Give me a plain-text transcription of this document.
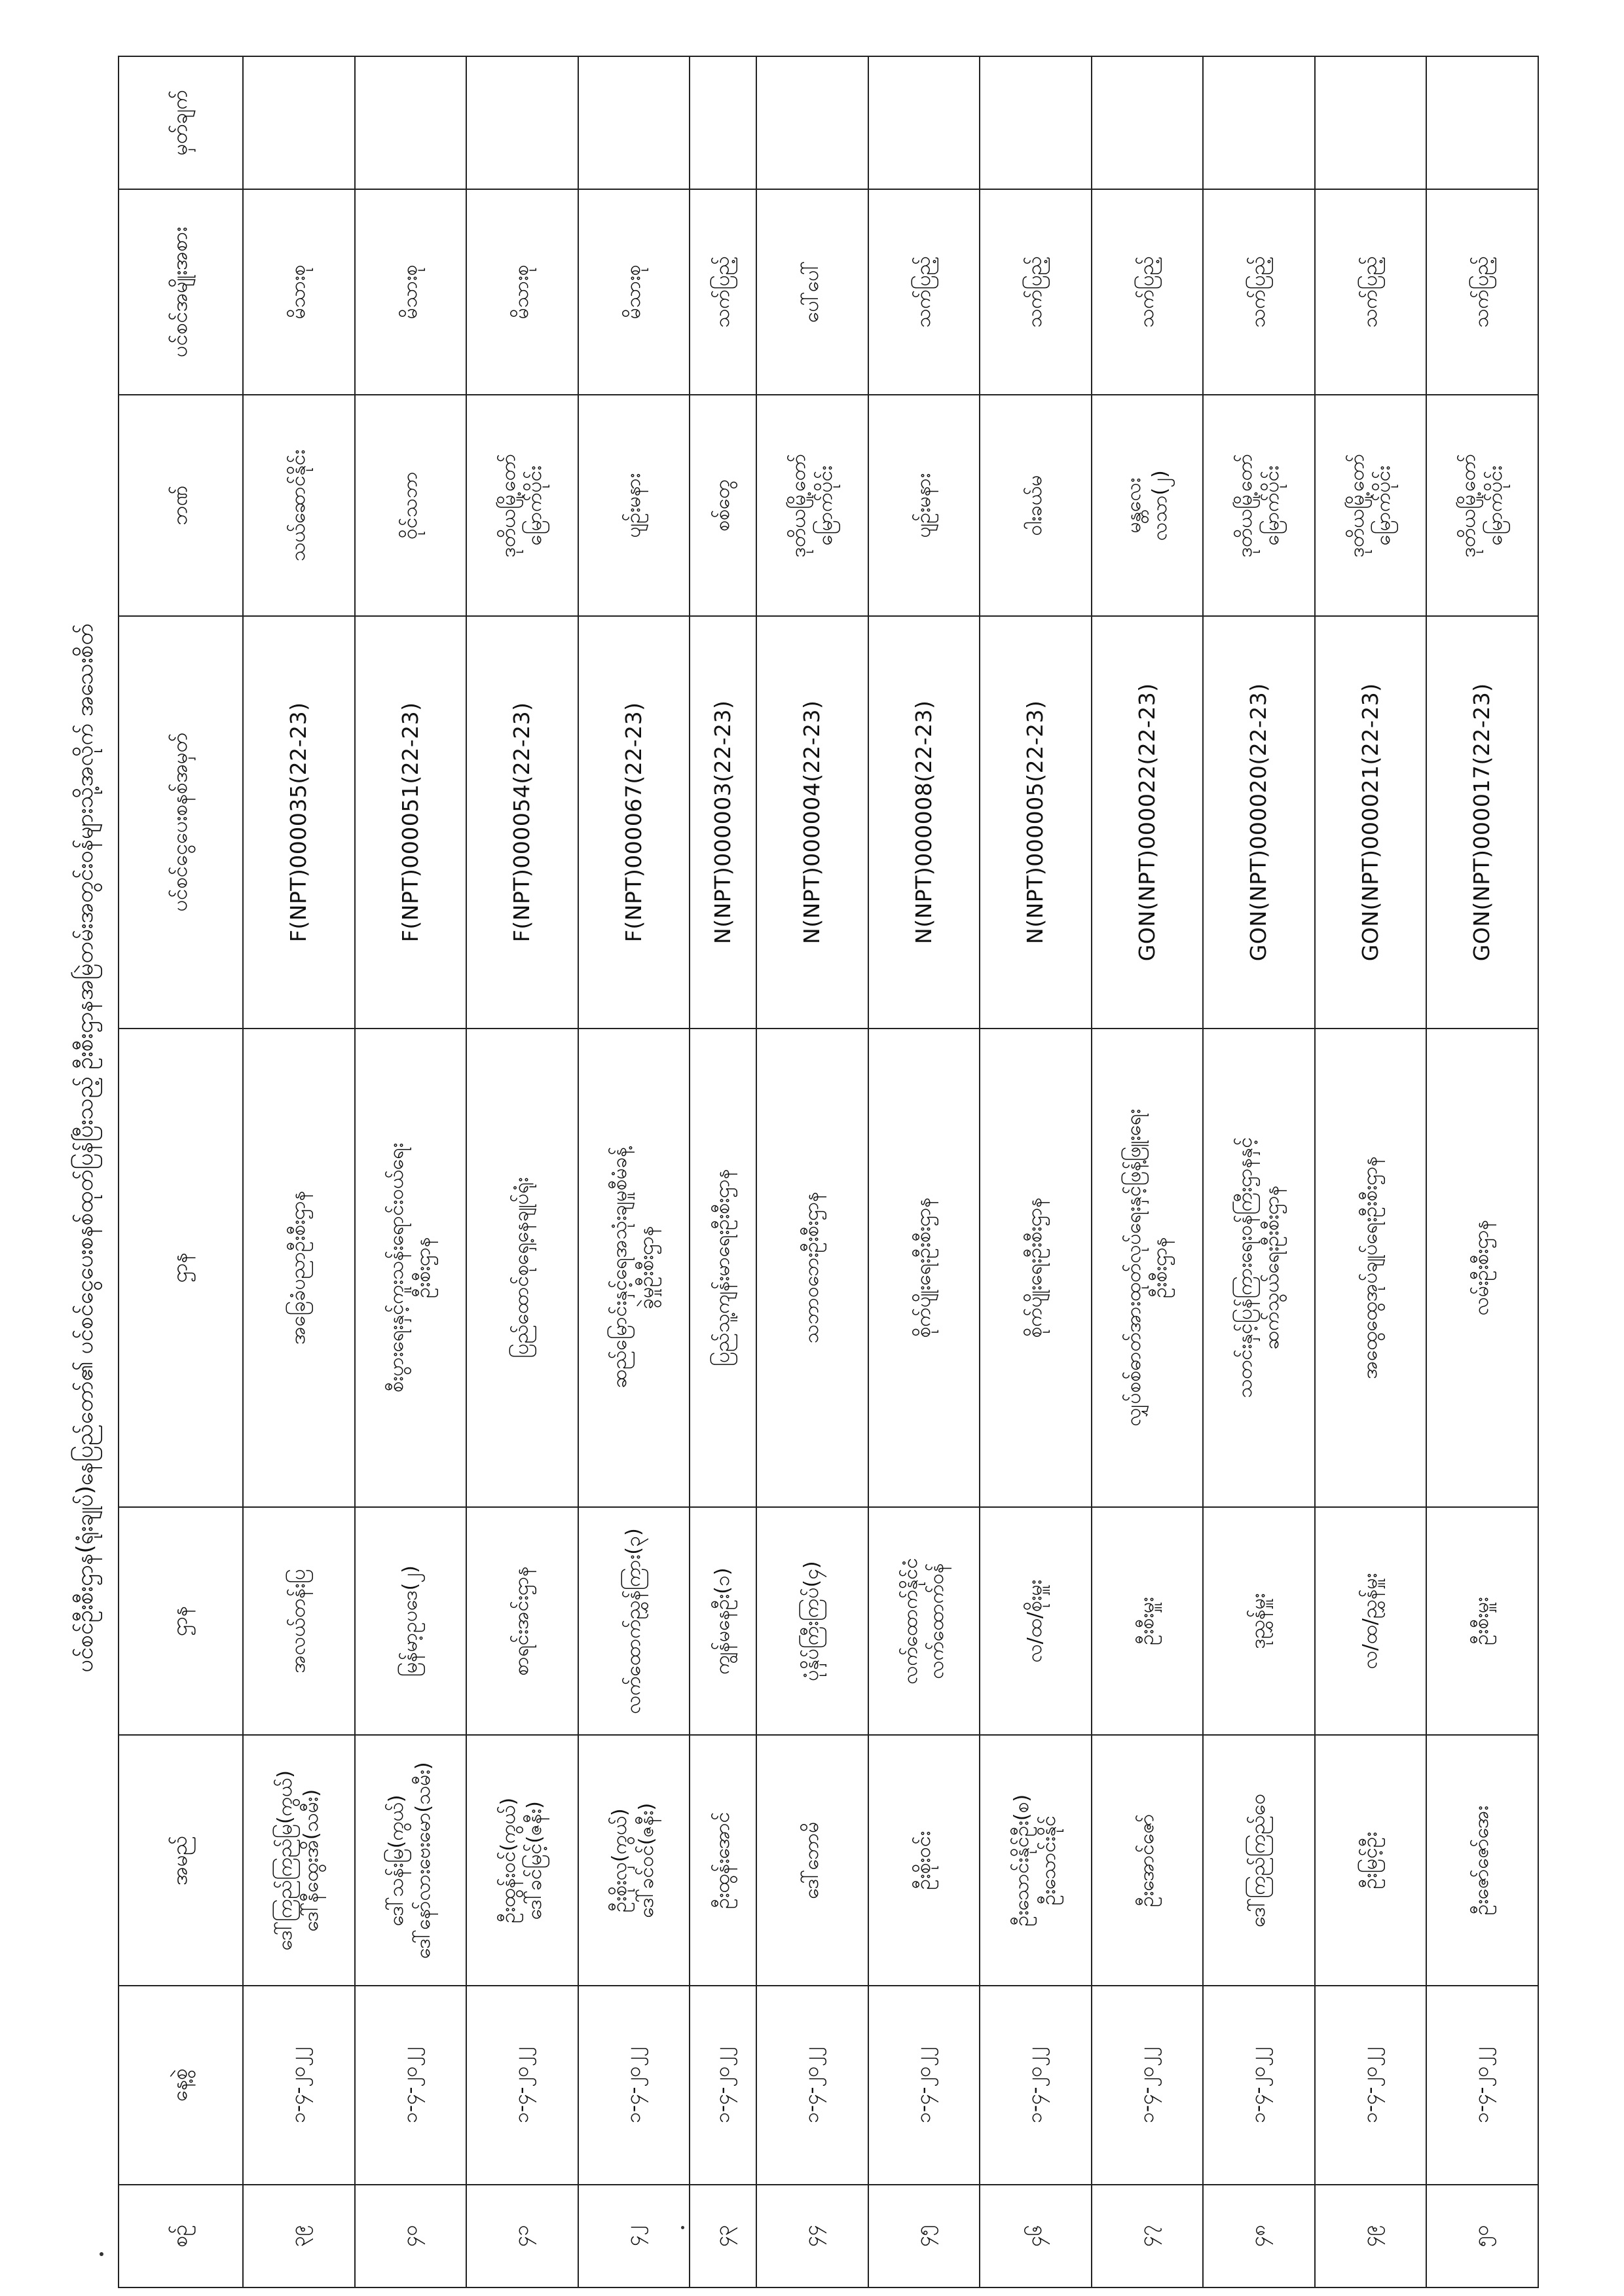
ပင်စင်ဦးစီးဌာန(ရုံးချုပ်)နေပြည်တော်၏ ပင်စင်ငွေပေးစနစ်ထုတ်ပြန်ပြီးသည့် ဦးစီးဌာနအမြဲတမ်းအတွင်းဝန်များသို့အလိုက် အသေးစိတ်
စဉ်	နေ့စွဲ	အမည်	ဌာန	ဌာန	ပင်စင်ငွေပေးစနစ်အမှတ်	ဘဏ်	ပင်စင်အမျိုးအစား	မှတ်ချက်
၃၉	၁-၄-၂၀၂၂	ဒေါ်ကြည်ကြည်မြ(ကွယ်) ဒေါ်နီထွေးအိ(သမီး)	အလယ်တန်းပြ	အခြေခံပညာဦးစီးဌာန	F(NPT)000035(22-23)	သယ်ဆောင်နိုင်း	မိသားစု	
၄၀	၁-၄-၂၀၂၂	ဒေါ်သန်းမြ(ကွယ်) ဒေါ်နော်လားဗေးမော(သမီး)	မြန်မာ့ဥပဒေ(၂)	စီးပွားရေးနှင့်ကူးသန်းရောင်းဝယ်ရေး ဦးစီးဌာန	F(NPT)000051(22-23)	ဝိုင်သဘာ	မိသားစု	
၄၁	၁-၄-၂၀၂၂	ဦးထွန်းဝင်(ကွယ်) ဒေါ်ခင်မြင့်(ဇနီး)	စာရင်းအင်းဌာန	ပြည်ထောင်စုရှေ့နေချုပ်ရုံး	F(NPT)000054(22-23)	ဒုတိယမြို့တော် မြောက်ပိုင်း	မိသားစု	
၄၂	၁-၄-၂၀၂၂	ဦးစိုးလှ(ကွယ်) ဒေါ်ခင်ဝင်(ဇနီး)	လက်ထောက်ညွှန်ကြား(၃)	ဆည်မြောင်းနှင့်ရေအသုံးချမှုစီမံခန့် ခွဲမှုဦးစီးဌာန	F(NPT)000067(22-23)	ပျဉ်းမနား	မိသားစု	
၄၃	၁-၄-၂၀၂၂	ဦးထွန်းအောင်	ကျွန်မနေဦး(၁)	ပြည်သူ့ကျန်းမာရေးဦးစီးဌာန	N(NPT)000003(22-23)	စစ်တွေ	သက်ပြည့်	
၄၄	၁-၄-၂၀၂၂	ဒေါ်ဘောမိ	ပုံနှိပ်ကြီးကြပ်(၄)	သဘာဝဘေးဦးစီးဌာန	N(NPT)000004(22-23)	ဒုတိယမြို့တော် မြောက်ပိုင်း	ပေါ်ပေါ်	
၄၅	၁-၄-၂၀၂၂	ဦးစိုးဝင်း	လက်ထောက်နိုင်ငံ လက်ထောက်ဝန်	စိုက်ပျိုးရေးဦးစီးဌာန	N(NPT)000008(22-23)	ပျဉ်းမနား	သက်ပြည့်	
၄၆	၁-၄-၂၀၂၂	ဦးသောင်းနိုင်ဦး(စ) ဦးသောင်းနိုင်	လ/ထ/စိုးမှူး	စိုက်ပျိုးရေးဦးစီးဌာန	N(NPT)000005(22-23)	ဝါးခယ်မ	သက်ပြည့်	
၄၇	၁-၄-၂၀၂၂	ဦးအောင်ဇော်	ဦးစီးမှူး	လျှပ်စစ်ဓာတ်အားထုတ်လုပ်ရေးနှင့်ဖြန့်ဖြူးရေး ဦးစီးဌာန	GON(NPT)000022(22-23)	မန္တလေး လသာ(၂)	သက်ပြည့်	
၄၈	၁-၄-၂၀၂၂	ဒေါ်ကြည်ကြည်ဝေ	ဒုညွှန်မှူး	သတင်းနှင့်ပြန်ကြားရေးဝန်ကြီးဌာနနှင့် ဆက်သွယ်ရေးဦးစီးဌာန	GON(NPT)000020(22-23)	ဒုတိယမြို့တော် မြောက်ပိုင်း	သက်ပြည့်	
၄၉	၁-၄-၂၀၂၂	ဦးမြင့်ဦး	လ/ထ/ညွှန်မှူး	အထွေထွေအုပ်ချုပ်ရေးဦးစီးဌာန	GON(NPT)000021(22-23)	ဒုတိယမြို့တော် မြောက်ပိုင်း	သက်ပြည့်	
၅၀	၁-၄-၂၀၂၂	ဦးဇော်ဇော်အေး	ဦးစီးမှူး	လမ်းဦးစီးဌာန	GON(NPT)000017(22-23)	ဒုတိယမြို့တော် မြောက်ပိုင်း	သက်ပြည့်	
